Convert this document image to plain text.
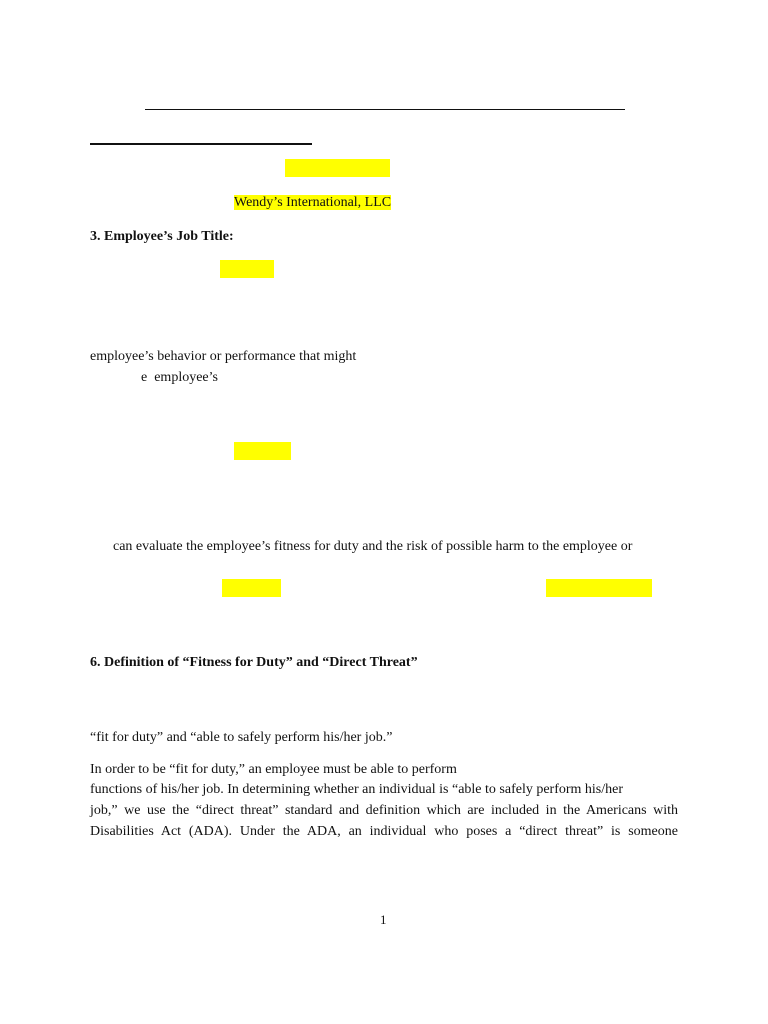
Wendy’s International, LLC
3. Employee’s Job Title:
employee’s behavior or performance that might
e  employee’s
can evaluate the employee’s fitness for duty and the risk of possible harm to the employee or
6. Definition of “Fitness for Duty” and “Direct Threat”
“fit for duty” and “able to safely perform his/her job.”
In order to be “fit for duty,” an employee must be able to perform
functions of his/her job. In determining whether an individual is “able to safely perform his/her
job,” we use the “direct threat” standard and definition which are included in the Americans with
Disabilities Act (ADA). Under the ADA, an individual who poses a “direct threat” is someone
1
